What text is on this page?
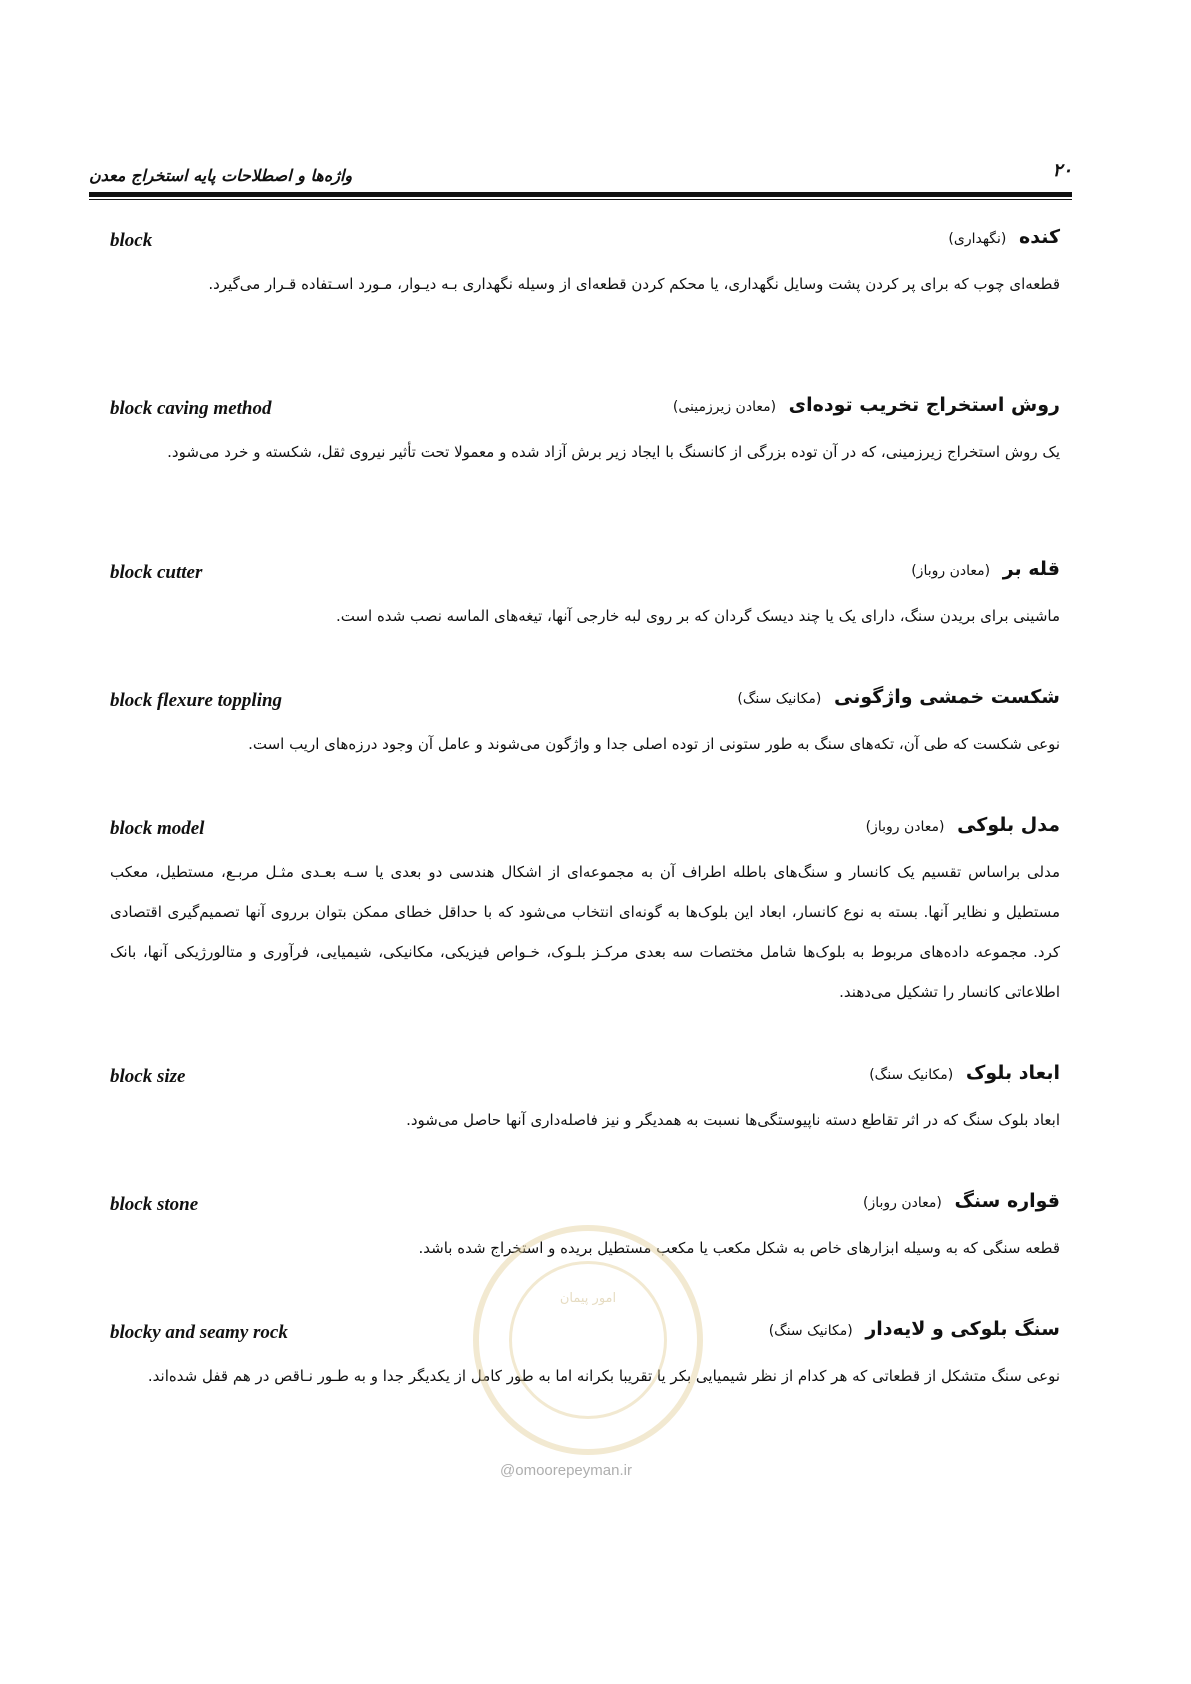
۲۰
واژه‌ها و اصطلاحات پایه استخراج معدن
کنده (نگهداری)
block
قطعه‌ای چوب که برای پر کردن پشت وسایل نگهداری، یا محکم کردن قطعه‌ای از وسیله نگهداری بـه دیـوار، مـورد اسـتفاده قـرار می‌گیرد.
روش استخراج تخریب توده‌ای (معادن زیرزمینی)
block caving method
یک روش استخراج زیرزمینی، که در آن توده بزرگی از کانسنگ با ایجاد زیر برش آزاد شده و معمولا تحت تأثیر نیروی ثقل، شکسته و خرد می‌شود.
قله بر (معادن روباز)
block cutter
ماشینی برای بریدن سنگ، دارای یک یا چند دیسک گردان که بر روی لبه خارجی آنها، تیغه‌های الماسه نصب شده است.
شکست خمشی واژگونی (مکانیک سنگ)
block flexure toppling
نوعی شکست که طی آن، تکه‌های سنگ به طور ستونی از توده اصلی جدا و واژگون می‌شوند و عامل آن وجود درزه‌های اریب است.
مدل بلوکی (معادن روباز)
block model
مدلی براساس تقسیم یک کانسار و سنگ‌های باطله اطراف آن به مجموعه‌ای از اشکال هندسی دو بعدی یا سـه بعـدی مثـل مربـع، مستطیل، معکب مستطیل و نظایر آنها. بسته به نوع کانسار، ابعاد این بلوک‌ها به گونه‌ای انتخاب می‌شود که با حداقل خطای ممکن بتوان برروی آنها تصمیم‌گیری اقتصادی کرد. مجموعه داده‌های مربوط به بلوک‌ها شامل مختصات سه بعدی مرکـز بلـوک، خـواص فیزیکی، مکانیکی، شیمیایی، فرآوری و متالورژیکی آنها، بانک اطلاعاتی کانسار را تشکیل می‌دهند.
ابعاد بلوک (مکانیک سنگ)
block size
ابعاد بلوک سنگ که در اثر تقاطع دسته ناپیوستگی‌ها نسبت به همدیگر و نیز فاصله‌داری آنها حاصل می‌شود.
قواره سنگ (معادن روباز)
block stone
قطعه سنگی که به وسیله ابزارهای خاص به شکل مکعب یا مکعب مستطیل بریده و استخراج شده باشد.
سنگ بلوکی و لایه‌دار (مکانیک سنگ)
blocky and seamy rock
نوعی سنگ متشکل از قطعاتی که هر کدام از نظر شیمیایی بکر یا تقریبا بکرانه اما به طور کامل از یکدیگر جدا و به طـور نـاقص در هم قفل شده‌اند.
امور پیمان
@omoorepeyman.ir
